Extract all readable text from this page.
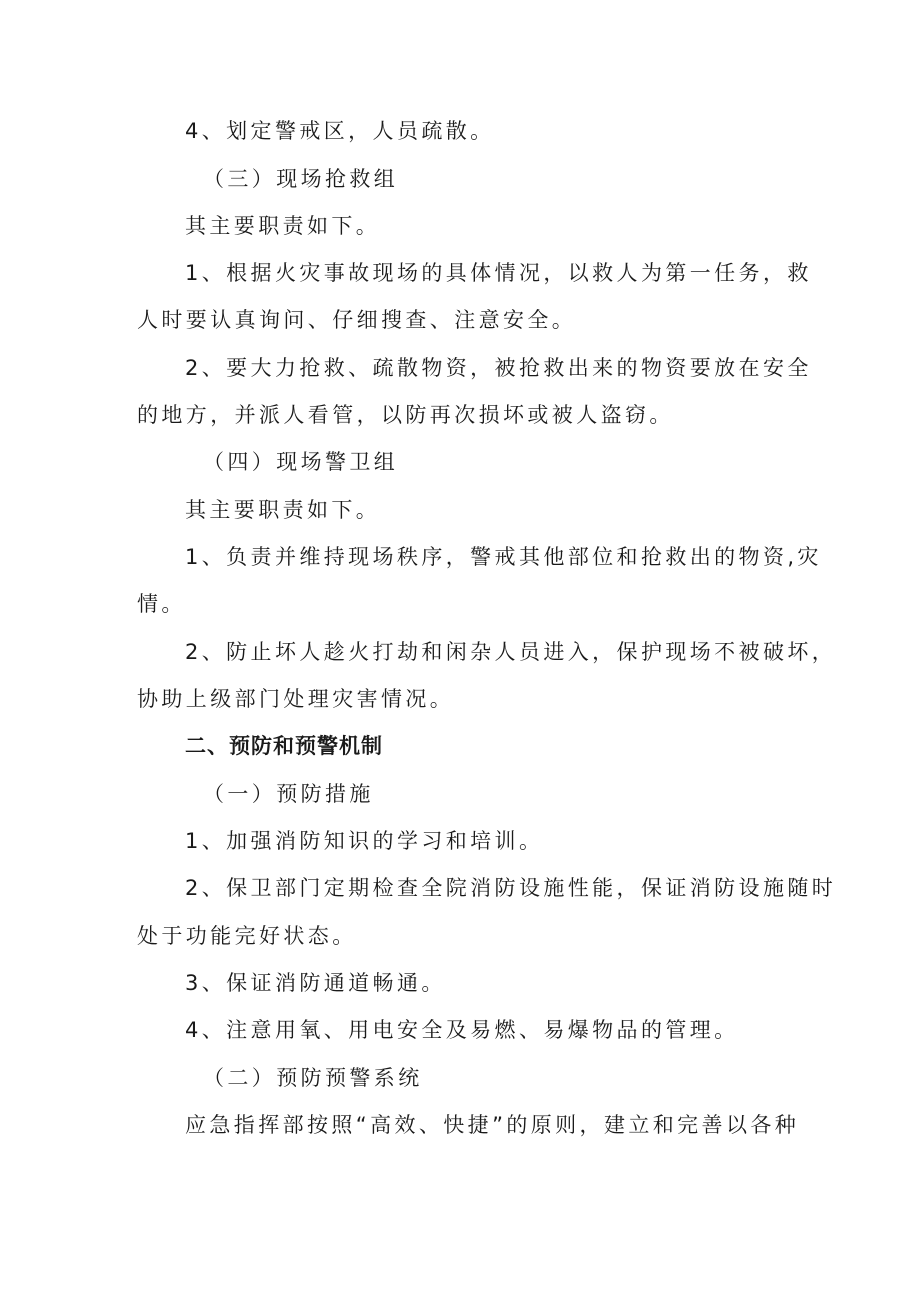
4、划定警戒区，人员疏散。
（三）现场抢救组
其主要职责如下。
1、根据火灾事故现场的具体情况，以救人为第一任务，救
人时要认真询问、仔细搜查、注意安全。
2、要大力抢救、疏散物资，被抢救出来的物资要放在安全
的地方，并派人看管，以防再次损坏或被人盗窃。
（四）现场警卫组
其主要职责如下。
1、负责并维持现场秩序，警戒其他部位和抢救出的物资,灾
情。
2、防止坏人趁火打劫和闲杂人员进入，保护现场不被破坏，
协助上级部门处理灾害情况。
二、预防和预警机制
（一）预防措施
1、加强消防知识的学习和培训。
2、保卫部门定期检查全院消防设施性能，保证消防设施随时
处于功能完好状态。
3、保证消防通道畅通。
4、注意用氧、用电安全及易燃、易爆物品的管理。
（二）预防预警系统
应急指挥部按照“高效、快捷”的原则，建立和完善以各种
